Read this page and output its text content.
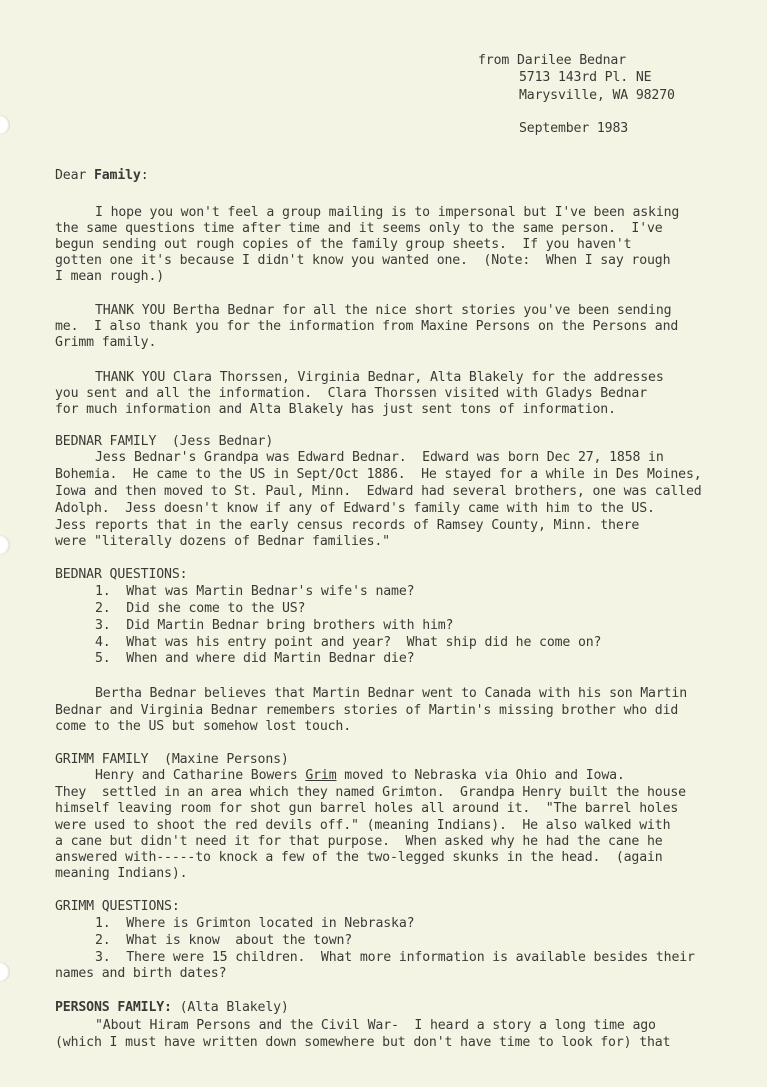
from Darilee Bednar
5713 143rd Pl. NE
Marysville, WA 98270
September 1983
Dear Family:
I hope you won't feel a group mailing is to impersonal but I've been asking
the same questions time after time and it seems only to the same person.  I've
begun sending out rough copies of the family group sheets.  If you haven't
gotten one it's because I didn't know you wanted one.  (Note:  When I say rough
I mean rough.)
THANK YOU Bertha Bednar for all the nice short stories you've been sending
me.  I also thank you for the information from Maxine Persons on the Persons and
Grimm family.
THANK YOU Clara Thorssen, Virginia Bednar, Alta Blakely for the addresses
you sent and all the information.  Clara Thorssen visited with Gladys Bednar
for much information and Alta Blakely has just sent tons of information.
BEDNAR FAMILY  (Jess Bednar)
Jess Bednar's Grandpa was Edward Bednar.  Edward was born Dec 27, 1858 in
Bohemia.  He came to the US in Sept/Oct 1886.  He stayed for a while in Des Moines,
Iowa and then moved to St. Paul, Minn.  Edward had several brothers, one was called
Adolph.  Jess doesn't know if any of Edward's family came with him to the US.
Jess reports that in the early census records of Ramsey County, Minn. there
were "literally dozens of Bednar families."
BEDNAR QUESTIONS:
1. What was Martin Bednar's wife's name?
2. Did she come to the US?
3. Did Martin Bednar bring brothers with him?
4. What was his entry point and year?  What ship did he come on?
5. When and where did Martin Bednar die?
Bertha Bednar believes that Martin Bednar went to Canada with his son Martin
Bednar and Virginia Bednar remembers stories of Martin's missing brother who did
come to the US but somehow lost touch.
GRIMM FAMILY  (Maxine Persons)
Henry and Catharine Bowers Grim moved to Nebraska via Ohio and Iowa.
They  settled in an area which they named Grimton.  Grandpa Henry built the house
himself leaving room for shot gun barrel holes all around it.  "The barrel holes
were used to shoot the red devils off." (meaning Indians).  He also walked with
a cane but didn't need it for that purpose.  When asked why he had the cane he
answered with-----to knock a few of the two-legged skunks in the head.  (again
meaning Indians).
GRIMM QUESTIONS:
1. Where is Grimton located in Nebraska?
2. What is know  about the town?
3. There were 15 children.  What more information is available besides their
names and birth dates?
PERSONS FAMILY: (Alta Blakely)
"About Hiram Persons and the Civil War-  I heard a story a long time ago
(which I must have written down somewhere but don't have time to look for) that
